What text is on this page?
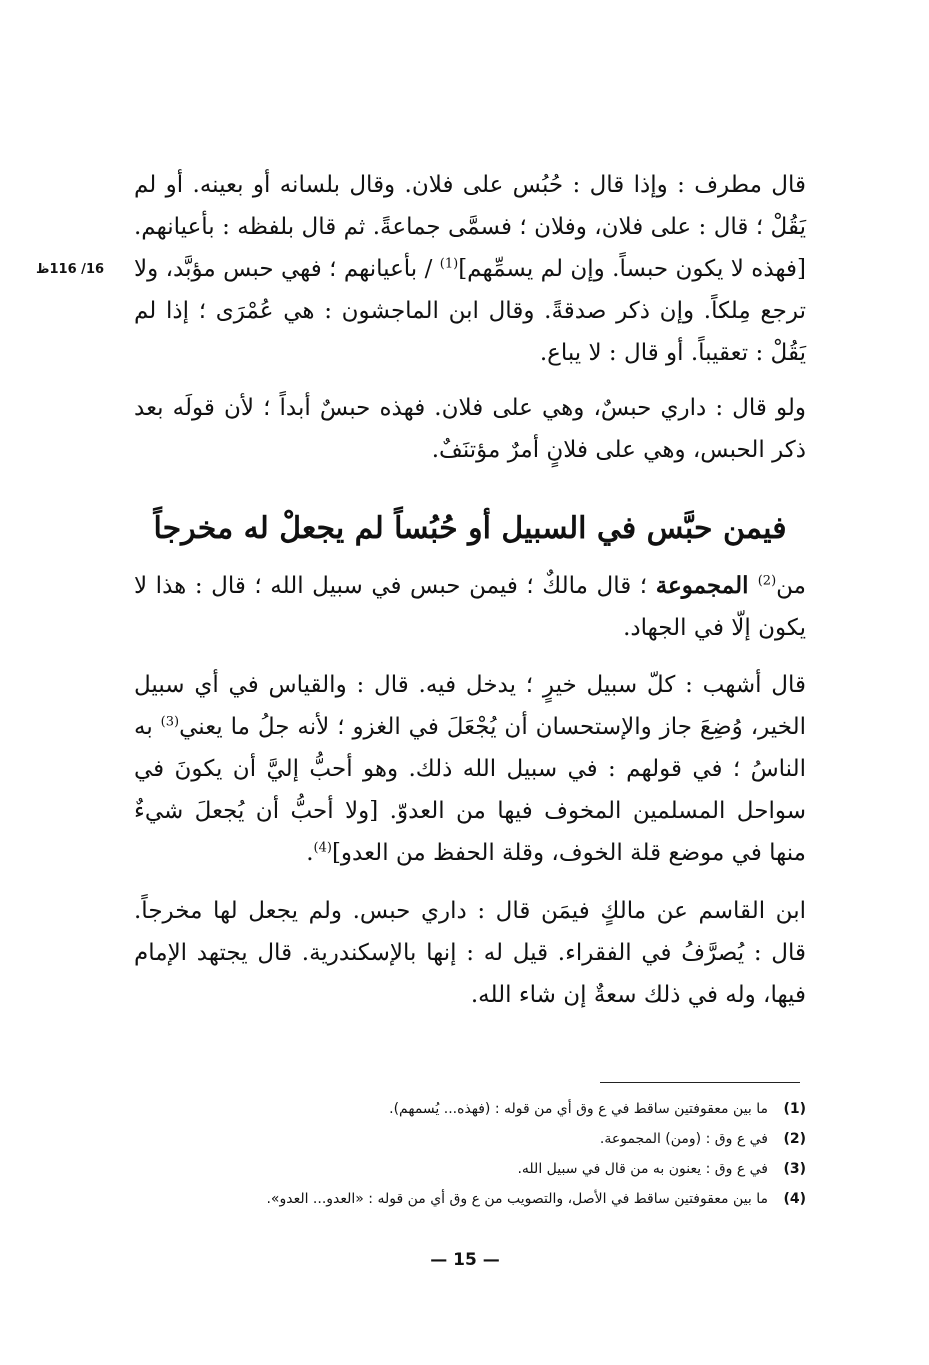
16/ 116ظ

قال مطرف : وإذا قال : حُبُس على فلان. وقال بلسانه أو بعينه. أو لم يَقُلْ ؛ قال : على فلان، وفلان ؛ فسمَّى جماعةً. ثم قال بلفظه : بأعيانهم. [فهذه لا يكون حبساً. وإن لم يسمِّهم]$^{(1)}$ / بأعيانهم ؛ فهي حبس مؤبَّد، ولا ترجع مِلكاً. وإن ذكر صدقةً. وقال ابن الماجشون : هي عُمْرَى ؛ إذا لم يَقُلْ : تعقيباً. أو قال : لا يباع.

ولو قال : داري حبسٌ، وهي على فلان. فهذه حبسٌ أبداً ؛ لأن قولَه بعد ذكر الحبس، وهي على فلانٍ أمرٌ مؤتنَفٌ.

فيمن حبَّس في السبيل أو حُبُساً لم يجعلْ له مخرجاً

من$^{(2)}$ المجموعة ؛ قال مالكٌ ؛ فيمن حبس في سبيل الله ؛ قال : هذا لا يكون إلّا في الجهاد.

قال أشهب : كلّ سبيل خيرٍ ؛ يدخل فيه. قال : والقياس في أي سبيل الخير، وُضِعَ جاز والإستحسان أن يُجْعَلَ في الغزو ؛ لأنه جلُ ما يعني$^{(3)}$ به الناسُ ؛ في قولهم : في سبيل الله ذلك. وهو أحبُّ إليَّ أن يكونَ في سواحل المسلمين المخوف فيها من العدوّ. [ولا أحبُّ أن يُجعلَ شيءٌ منها في موضع قلة الخوف، وقلة الحفظ من العدو]$^{(4)}$.

ابن القاسم عن مالكٍ فيمَن قال : داري حبس. ولم يجعل لها مخرجاً. قال : يُصرَّفُ في الفقراء. قيل له : إنها بالإسكندرية. قال يجتهد الإمام فيها، وله في ذلك سعةٌ إن شاء الله.

(1)
ما بين معقوفتين ساقط في ع وق أي من قوله : (فهذه... يُسمهم).
(2)
في ع وق : (ومن) المجموعة.
(3)
في ع وق : يعنون به من قال في سبيل الله.
(4)
ما بين معقوفتين ساقط في الأصل، والتصويب من ع وق أي من قوله : «العدو... العدو».
— 15 —
